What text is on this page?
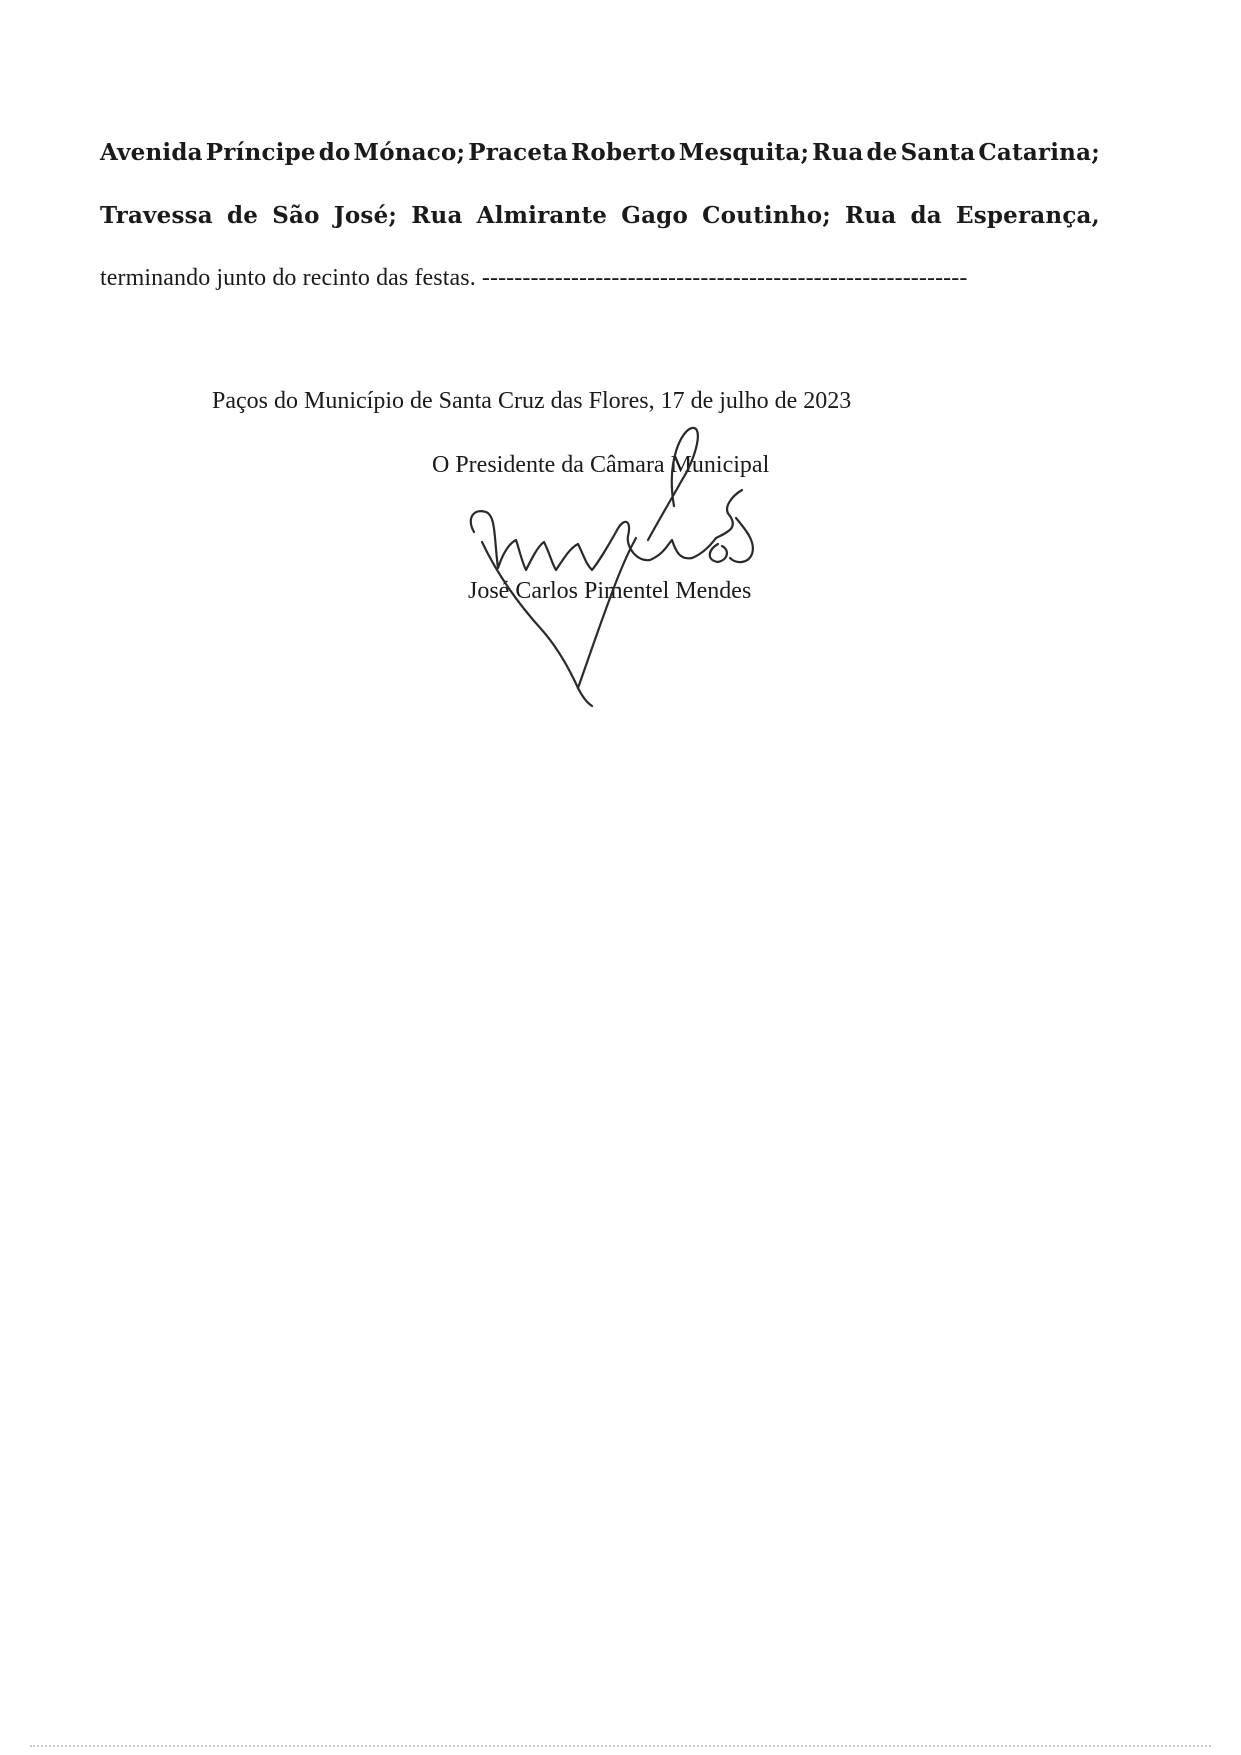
Avenida Príncipe do Mónaco; Praceta Roberto Mesquita; Rua de Santa Catarina;
Travessa de São José; Rua Almirante Gago Coutinho; Rua da Esperança,
terminando junto do recinto das festas. ------------------------------------------------------------
Paços do Município de Santa Cruz das Flores, 17 de julho de 2023
O Presidente da Câmara Municipal
José Carlos Pimentel Mendes
